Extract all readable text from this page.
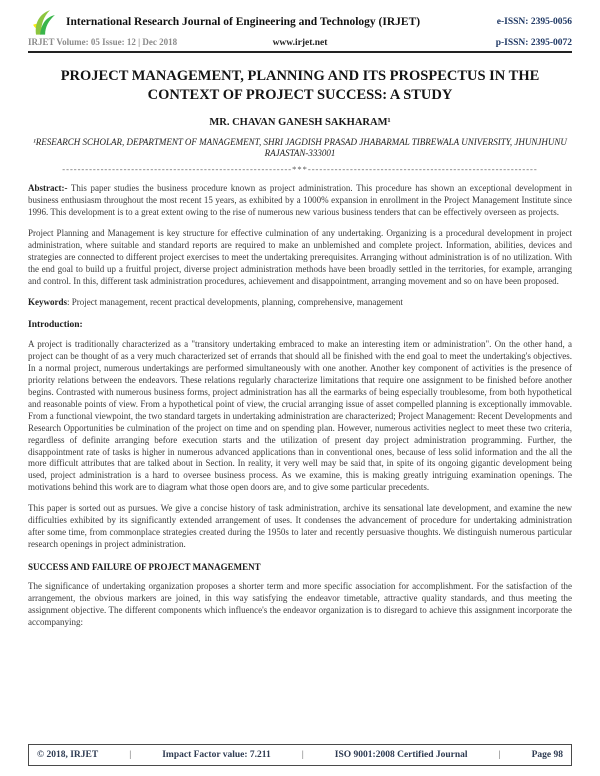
International Research Journal of Engineering and Technology (IRJET)	e-ISSN: 2395-0056
IRJET Volume: 05 Issue: 12 | Dec 2018	www.irjet.net	p-ISSN: 2395-0072
PROJECT MANAGEMENT, PLANNING AND ITS PROSPECTUS IN THE CONTEXT OF PROJECT SUCCESS: A STUDY
MR. CHAVAN GANESH SAKHARAM¹
¹RESEARCH SCHOLAR, DEPARTMENT OF MANAGEMENT, SHRI JAGDISH PRASAD JHABARMAL TIBREWALA UNIVERSITY, JHUNJHUNU RAJASTAN-333001
------------------------------------------------------------***------------------------------------------------------------

Abstract:- This paper studies the business procedure known as project administration. This procedure has shown an exceptional development in business enthusiasm throughout the most recent 15 years, as exhibited by a 1000% expansion in enrollment in the Project Management Institute since 1996. This development is to a great extent owing to the rise of numerous new various business tenders that can be effectively overseen as projects.

Project Planning and Management is key structure for effective culmination of any undertaking. Organizing is a procedural development in project administration, where suitable and standard reports are required to make an unblemished and complete project. Information, abilities, devices and strategies are connected to different project exercises to meet the undertaking prerequisites. Arranging without administration is of no utilization. With the end goal to build up a fruitful project, diverse project administration methods have been broadly settled in the territories, for example, arranging and control. In this, different task administration procedures, achievement and disappointment, arranging movement and so on have been proposed.

Keywords: Project management, recent practical developments, planning, comprehensive, management

Introduction:

A project is traditionally characterized as a "transitory undertaking embraced to make an interesting item or administration". On the other hand, a project can be thought of as a very much characterized set of errands that should all be finished with the end goal to meet the undertaking's objectives. In a normal project, numerous undertakings are performed simultaneously with one another. Another key component of activities is the presence of priority relations between the endeavors. These relations regularly characterize limitations that require one assignment to be finished before another begins. Contrasted with numerous business forms, project administration has all the earmarks of being especially troublesome, from both hypothetical and reasonable points of view. From a hypothetical point of view, the crucial arranging issue of asset compelled planning is exceptionally immovable. From a functional viewpoint, the two standard targets in undertaking administration are characterized; Project Management: Recent Developments and Research Opportunities be culmination of the project on time and on spending plan. However, numerous activities neglect to meet these two criteria, regardless of definite arranging before execution starts and the utilization of present day project administration programming. Further, the disappointment rate of tasks is higher in numerous advanced applications than in conventional ones, because of less solid information and the all the more difficult attributes that are talked about in Section. In reality, it very well may be said that, in spite of its ongoing gigantic development being used, project administration is a hard to oversee business process. As we examine, this is making greatly intriguing examination openings. The motivations behind this work are to diagram what those open doors are, and to give some particular precedents.

This paper is sorted out as pursues. We give a concise history of task administration, archive its sensational late development, and examine the new difficulties exhibited by its significantly extended arrangement of uses. It condenses the advancement of procedure for undertaking administration after some time, from commonplace strategies created during the 1950s to later and recently persuasive thoughts. We distinguish numerous particular research openings in project administration.

SUCCESS AND FAILURE OF PROJECT MANAGEMENT

The significance of undertaking organization proposes a shorter term and more specific association for accomplishment. For the satisfaction of the arrangement, the obvious markers are joined, in this way satisfying the endeavor timetable, attractive quality standards, and thus meeting the assignment objective. The different components which influence's the endeavor organization is to disregard to achieve this assignment incorporate the accompanying:

© 2018, IRJET	|	Impact Factor value: 7.211	|	ISO 9001:2008 Certified Journal	|	Page 98
